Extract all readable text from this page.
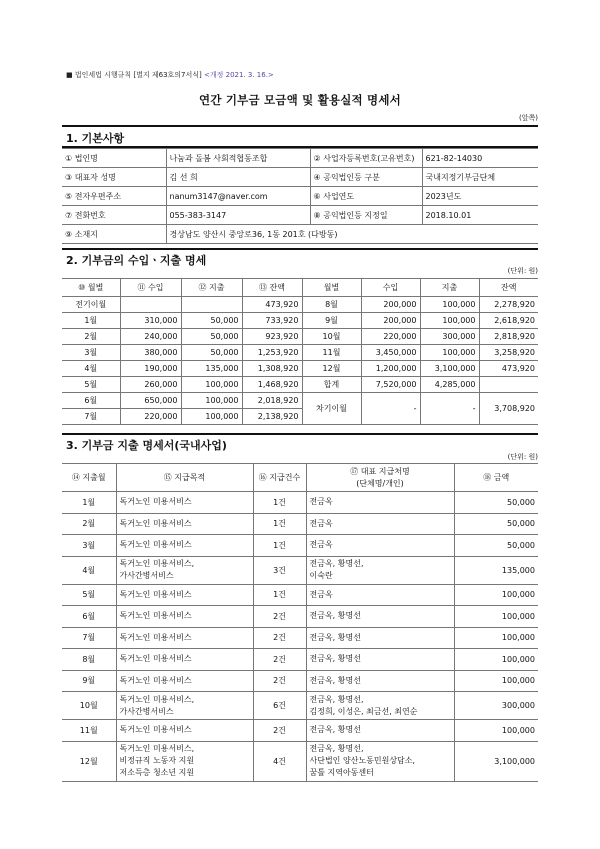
■ 법인세법 시행규칙 [별지 제63호의7서식] <개정 2021. 3. 16.>
연간 기부금 모금액 및 활용실적 명세서
(앞쪽)
1. 기본사항
① 법인명	나눔과 돌봄 사회적협동조합	② 사업자등록번호(고유번호)	621-82-14030
③ 대표자 성명	김 선 희	④ 공익법인등 구분	국내지정기부금단체
⑤ 전자우편주소	nanum3147@naver.com	⑥ 사업연도	2023년도
⑦ 전화번호	055-383-3147	⑧ 공익법인등 지정일	2018.10.01
⑨ 소재지	경상남도 양산시 중앙로36, 1동 201호 (다방동)		
2. 기부금의 수입ㆍ지출 명세
(단위: 원)
⑩ 월별	⑪ 수입	⑫ 지출	⑬ 잔액	월별	수입	지출	잔액
전기이월			473,920	8월	200,000	100,000	2,278,920
1월	310,000	50,000	733,920	9월	200,000	100,000	2,618,920
2월	240,000	50,000	923,920	10월	220,000	300,000	2,818,920
3월	380,000	50,000	1,253,920	11월	3,450,000	100,000	3,258,920
4월	190,000	135,000	1,308,920	12월	1,200,000	3,100,000	473,920
5월	260,000	100,000	1,468,920	합계	7,520,000	4,285,000	
6월	650,000	100,000	2,018,920	차기이월	-	-	3,708,920
7월	220,000	100,000	2,138,920				
3. 기부금 지출 명세서(국내사업)
(단위: 원)
⑭ 지출월	⑮ 지급목적	⑯ 지급건수	⑰ 대표 지급처명
(단체명/개인)	⑱ 금액
1월	독거노인 미용서비스	1건	전금옥	50,000
2월	독거노인 미용서비스	1건	전금옥	50,000
3월	독거노인 미용서비스	1건	전금옥	50,000
4월	독거노인 미용서비스,
가사간병서비스	3건	전금옥, 황명선,
이숙란	135,000
5월	독거노인 미용서비스	1건	전금옥	100,000
6월	독거노인 미용서비스	2건	전금옥, 황명선	100,000
7월	독거노인 미용서비스	2건	전금옥, 황명선	100,000
8월	독거노인 미용서비스	2건	전금옥, 황명선	100,000
9월	독거노인 미용서비스	2건	전금옥, 황명선	100,000
10월	독거노인 미용서비스,
가사간병서비스	6건	전금옥, 황명선,
김정희, 이성은, 최금선, 최연순	300,000
11월	독거노인 미용서비스	2건	전금옥, 황명선	100,000
12월	독거노인 미용서비스,
비정규직 노동자 지원
저소득층 청소년 지원	4건	전금옥, 황명선,
사단법인 양산노동민원상담소,
꿈틀 지역아동센터	3,100,000
